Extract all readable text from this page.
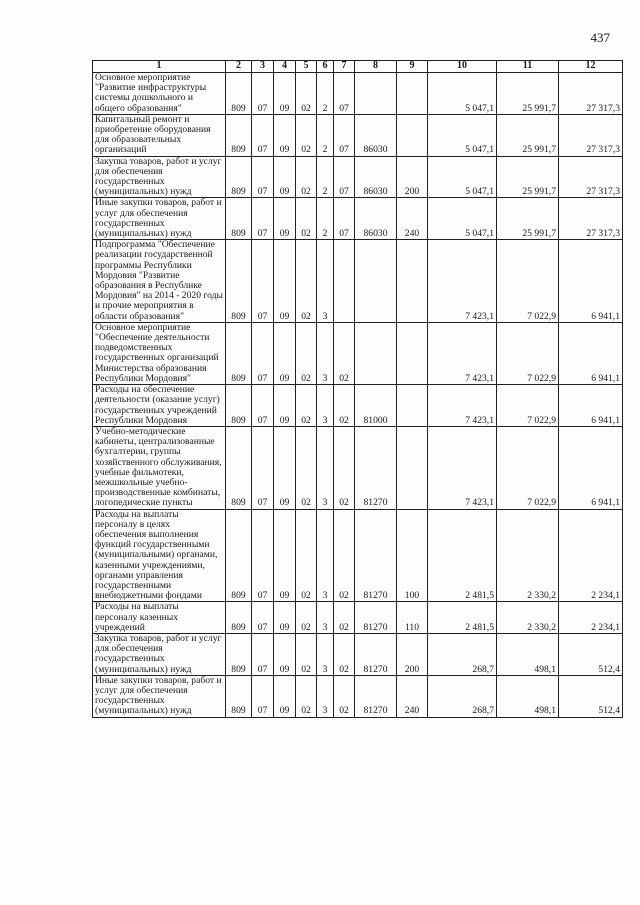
437
1	2	3	4	5	6	7	8	9	10	11	12
Основное мероприятие "Развитие инфраструктуры системы дошкольного и общего образования"	809	07	09	02	2	07			5 047,1	25 991,7	27 317,3
Капитальный ремонт и приобретение оборудования для образовательных организаций	809	07	09	02	2	07	86030		5 047,1	25 991,7	27 317,3
Закупка товаров, работ и услуг для обеспечения государственных (муниципальных) нужд	809	07	09	02	2	07	86030	200	5 047,1	25 991,7	27 317,3
Иные закупки товаров, работ и услуг для обеспечения государственных (муниципальных) нужд	809	07	09	02	2	07	86030	240	5 047,1	25 991,7	27 317,3
Подпрограмма "Обеспечение реализации государственной программы Республики Мордовия "Развитие образования в Республике Мордовия" на 2014 - 2020 годы и прочие мероприятия в области образования"	809	07	09	02	3				7 423,1	7 022,9	6 941,1
Основное мероприятие "Обеспечение деятельности подведомственных государственных организаций Министерства образования Республики Мордовия"	809	07	09	02	3	02			7 423,1	7 022,9	6 941,1
Расходы на обеспечение деятельности (оказание услуг) государственных учреждений Республики Мордовия	809	07	09	02	3	02	81000		7 423,1	7 022,9	6 941,1
Учебно-методические кабинеты, централизованные бухгалтерии, группы хозяйственного обслуживания, учебные фильмотеки, межшкольные учебно-производственные комбинаты, логопедические пункты	809	07	09	02	3	02	81270		7 423,1	7 022,9	6 941,1
Расходы на выплаты персоналу в целях обеспечения выполнения функций государственными (муниципальными) органами, казенными учреждениями, органами управления государственными внебюджетными фондами	809	07	09	02	3	02	81270	100	2 481,5	2 330,2	2 234,1
Расходы на выплаты персоналу казенных учреждений	809	07	09	02	3	02	81270	110	2 481,5	2 330,2	2 234,1
Закупка товаров, работ и услуг для обеспечения государственных (муниципальных) нужд	809	07	09	02	3	02	81270	200	268,7	498,1	512,4
Иные закупки товаров, работ и услуг для обеспечения государственных (муниципальных) нужд	809	07	09	02	3	02	81270	240	268,7	498,1	512,4
